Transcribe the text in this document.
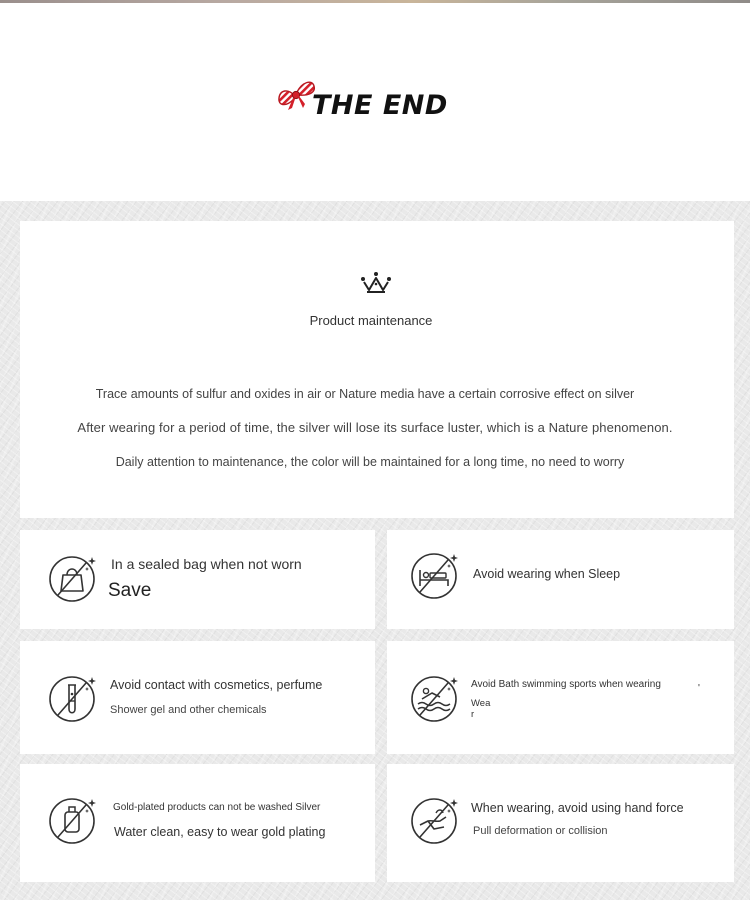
THE END
Product maintenance
Trace amounts of sulfur and oxides in air or Nature media have a certain corrosive effect on silver
After wearing for a period of time, the silver will lose its surface luster, which is a Nature phenomenon.
Daily attention to maintenance, the color will be maintained for a long time, no need to worry
In a sealed bag when not worn
Save
Avoid wearing when Sleep
Avoid contact with cosmetics, perfume
Shower gel and other chemicals
Avoid Bath swimming sports when wearing	'
Wea
r
Gold-plated products can not be washed Silver
Water clean, easy to wear gold plating
When wearing, avoid using hand force
Pull deformation or collision
